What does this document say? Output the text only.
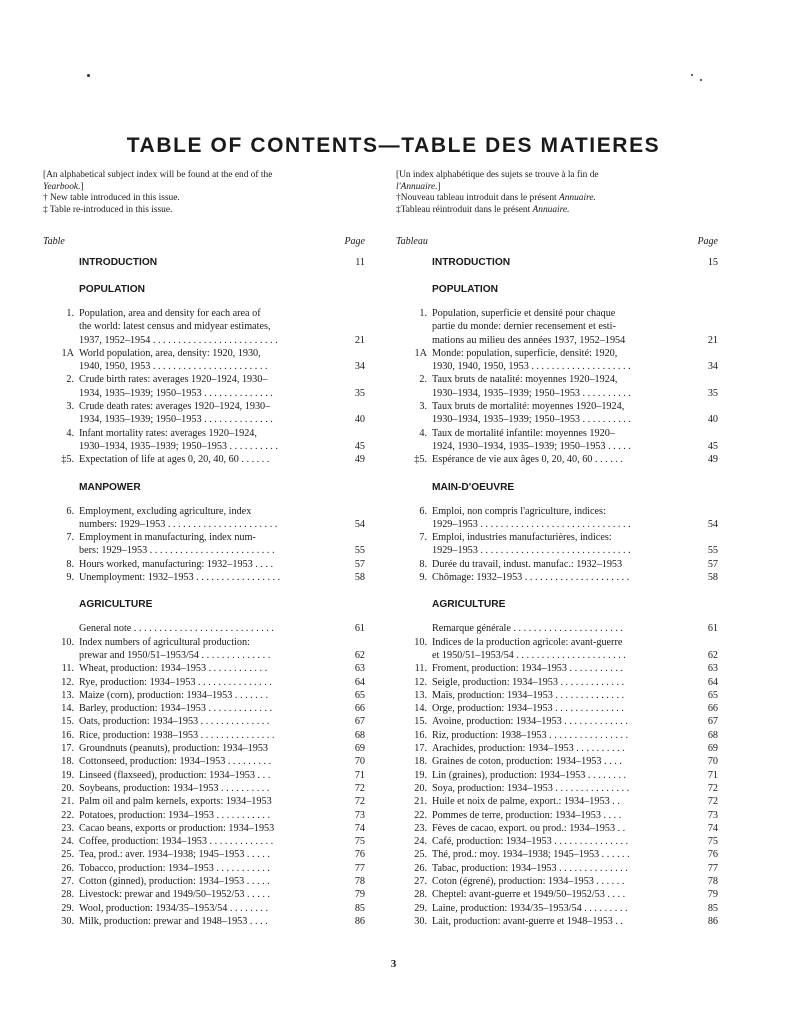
TABLE OF CONTENTS—TABLE DES MATIERES

[An alphabetical subject index will be found at the end of the

Yearbook.]

† New table introduced in this issue.

‡ Table re-introduced in this issue.

Table	Page
INTRODUCTION	11
POPULATION
1. Population, area and density for each area of
the world: latest census and midyear estimates,
1937, 1952–1954 . . . . . . . . . . . . . . . . . . . . . . . . .	21
1A World population, area, density: 1920, 1930,
1940, 1950, 1953 . . . . . . . . . . . . . . . . . . . . . . .	34
2. Crude birth rates: averages 1920–1924, 1930–
1934, 1935–1939; 1950–1953 . . . . . . . . . . . . . .	35
3. Crude death rates: averages 1920–1924, 1930–
1934, 1935–1939; 1950–1953 . . . . . . . . . . . . . .	40
4. Infant mortality rates: averages 1920–1924,
1930–1934, 1935–1939; 1950–1953 . . . . . . . . . .	45
‡5. Expectation of life at ages 0, 20, 40, 60 . . . . . .	49
MANPOWER
6. Employment, excluding agriculture, index
numbers: 1929–1953 . . . . . . . . . . . . . . . . . . . . . .	54
7. Employment in manufacturing, index num-
bers: 1929–1953 . . . . . . . . . . . . . . . . . . . . . . . . .	55
8. Hours worked, manufacturing: 1932–1953 . . . .	57
9. Unemployment: 1932–1953 . . . . . . . . . . . . . . . . .	58
AGRICULTURE
General note . . . . . . . . . . . . . . . . . . . . . . . . . . . .	61
10. Index numbers of agricultural production:
prewar and 1950/51–1953/54 . . . . . . . . . . . . . .	62
11. Wheat, production: 1934–1953 . . . . . . . . . . . .	63
12. Rye, production: 1934–1953 . . . . . . . . . . . . . . .	64
13. Maize (corn), production: 1934–1953 . . . . . . .	65
14. Barley, production: 1934–1953 . . . . . . . . . . . . .	66
15. Oats, production: 1934–1953 . . . . . . . . . . . . . .	67
16. Rice, production: 1938–1953 . . . . . . . . . . . . . . .	68
17. Groundnuts (peanuts), production: 1934–1953	69
18. Cottonseed, production: 1934–1953 . . . . . . . . .	70
19. Linseed (flaxseed), production: 1934–1953 . . .	71
20. Soybeans, production: 1934–1953 . . . . . . . . . .	72
21. Palm oil and palm kernels, exports: 1934–1953	72
22. Potatoes, production: 1934–1953 . . . . . . . . . . .	73
23. Cacao beans, exports or production: 1934–1953	74
24. Coffee, production: 1934–1953 . . . . . . . . . . . . .	75
25. Tea, prod.: aver. 1934–1938; 1945–1953 . . . . .	76
26. Tobacco, production: 1934–1953 . . . . . . . . . . .	77
27. Cotton (ginned), production: 1934–1953 . . . . .	78
28. Livestock: prewar and 1949/50–1952/53 . . . . .	79
29. Wool, production: 1934/35–1953/54 . . . . . . . .	85
30. Milk, production: prewar and 1948–1953 . . . .	86

[Un index alphabétique des sujets se trouve à la fin de

l'Annuaire.]

†Nouveau tableau introduit dans le présent Annuaire.

‡Tableau réintroduit dans le présent Annuaire.

Tableau	Page
INTRODUCTION	15
POPULATION
1. Population, superficie et densité pour chaque
partie du monde: dernier recensement et esti-
mations au milieu des années 1937, 1952–1954	21
1A Monde: population, superficie, densité: 1920,
1930, 1940, 1950, 1953 . . . . . . . . . . . . . . . . . . . .	34
2. Taux bruts de natalité: moyennes 1920–1924,
1930–1934, 1935–1939; 1950–1953 . . . . . . . . . .	35
3. Taux bruts de mortalité: moyennes 1920–1924,
1930–1934, 1935–1939; 1950–1953 . . . . . . . . . .	40
4. Taux de mortalité infantile: moyennes 1920–
1924, 1930–1934, 1935–1939; 1950–1953 . . . . .	45
‡5. Espérance de vie aux âges 0, 20, 40, 60 . . . . . .	49
MAIN-D'OEUVRE
6. Emploi, non compris l'agriculture, indices:
1929–1953 . . . . . . . . . . . . . . . . . . . . . . . . . . . . . .	54
7. Emploi, industries manufacturières, indices:
1929–1953 . . . . . . . . . . . . . . . . . . . . . . . . . . . . . .	55
8. Durée du travail, indust. manufac.: 1932–1953	57
9. Chômage: 1932–1953 . . . . . . . . . . . . . . . . . . . . .	58
AGRICULTURE
Remarque générale . . . . . . . . . . . . . . . . . . . . . .	61
10. Indices de la production agricole: avant-guerre
et 1950/51–1953/54 . . . . . . . . . . . . . . . . . . . . . .	62
11. Froment, production: 1934–1953 . . . . . . . . . . .	63
12. Seigle, production: 1934–1953 . . . . . . . . . . . . .	64
13. Maïs, production: 1934–1953 . . . . . . . . . . . . . .	65
14. Orge, production: 1934–1953 . . . . . . . . . . . . . .	66
15. Avoine, production: 1934–1953 . . . . . . . . . . . . .	67
16. Riz, production: 1938–1953 . . . . . . . . . . . . . . . .	68
17. Arachides, production: 1934–1953 . . . . . . . . . .	69
18. Graines de coton, production: 1934–1953 . . . .	70
19. Lin (graines), production: 1934–1953 . . . . . . . .	71
20. Soya, production: 1934–1953 . . . . . . . . . . . . . . .	72
21. Huile et noix de palme, export.: 1934–1953 . .	72
22. Pommes de terre, production: 1934–1953 . . . .	73
23. Fèves de cacao, export. ou prod.: 1934–1953 . .	74
24. Café, production: 1934–1953 . . . . . . . . . . . . . . .	75
25. Thé, prod.: moy. 1934–1938; 1945–1953 . . . . . .	76
26. Tabac, production: 1934–1953 . . . . . . . . . . . . . .	77
27. Coton (égrené), production: 1934–1953 . . . . . .	78
28. Cheptel: avant-guerre et 1949/50–1952/53 . . . .	79
29. Laine, production: 1934/35–1953/54 . . . . . . . . .	85
30. Lait, production: avant-guerre et 1948–1953 . .	86
3
